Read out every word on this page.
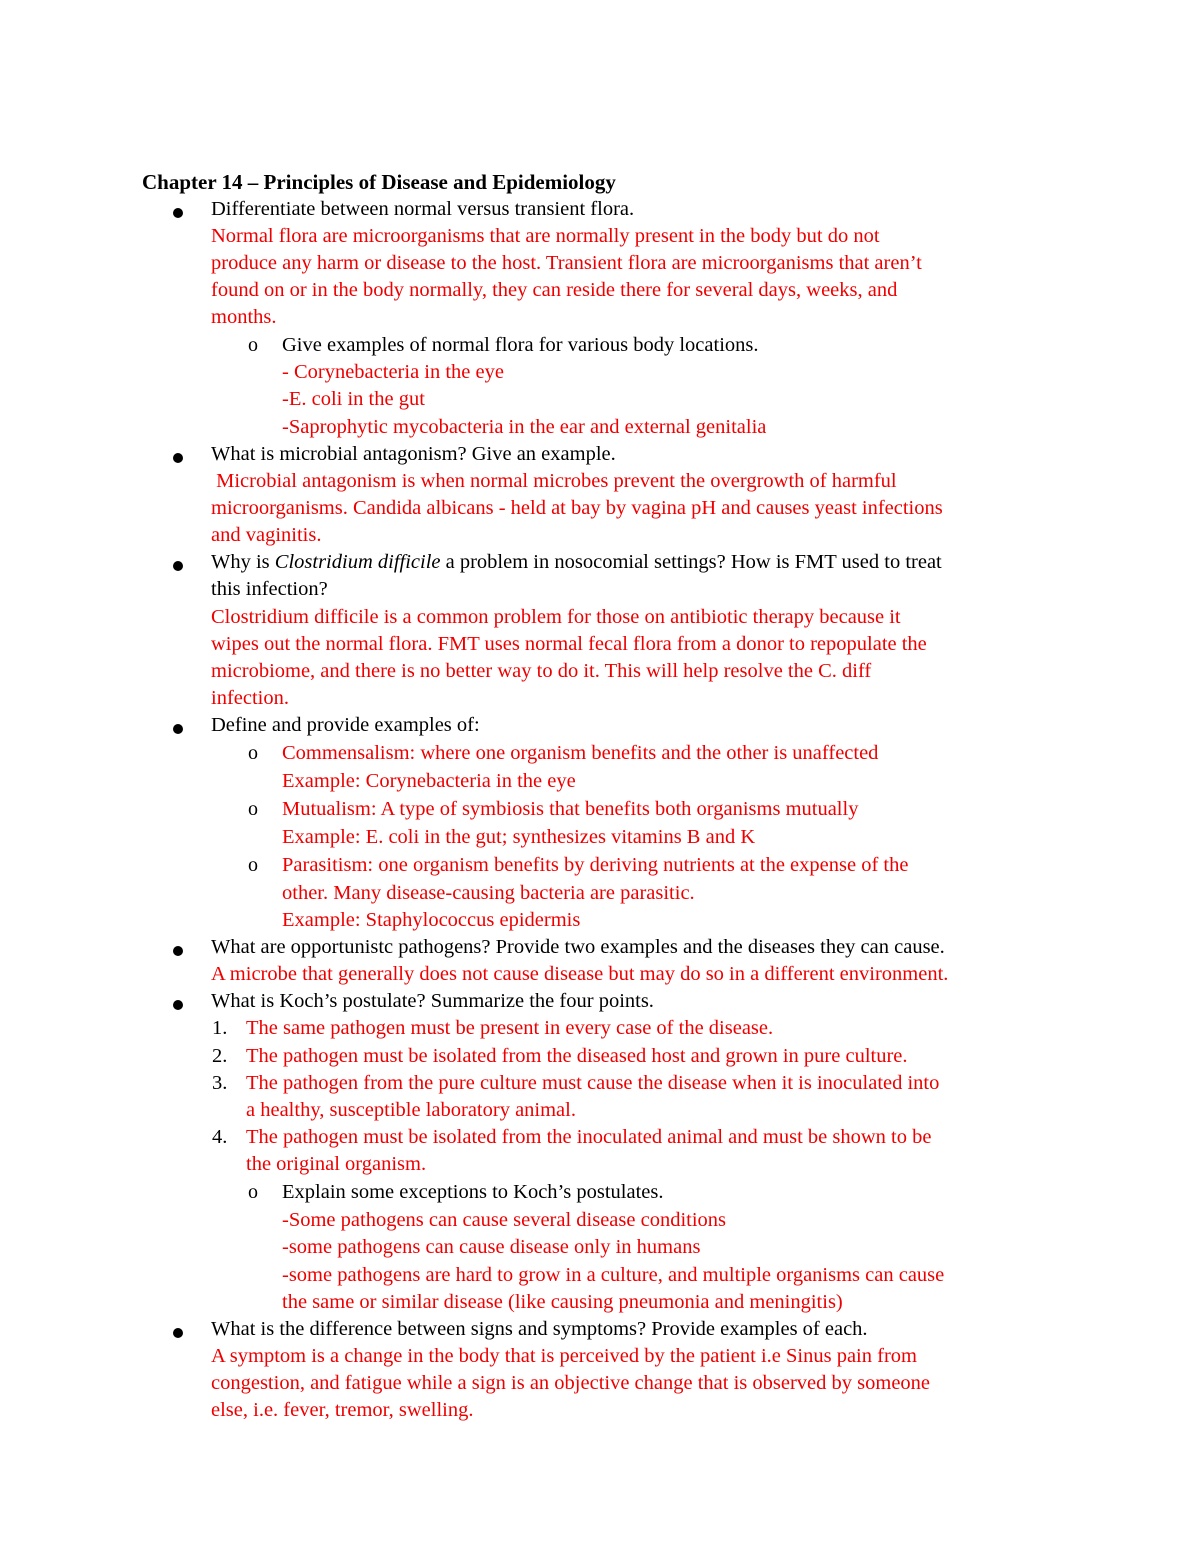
Chapter 14 – Principles of Disease and Epidemiology
Differentiate between normal versus transient flora.
Normal flora are microorganisms that are normally present in the body but do not
produce any harm or disease to the host. Transient flora are microorganisms that aren’t
found on or in the body normally, they can reside there for several days, weeks, and
months.
o Give examples of normal flora for various body locations.
- Corynebacteria in the eye
-E. coli in the gut
-Saprophytic mycobacteria in the ear and external genitalia
What is microbial antagonism? Give an example.
Microbial antagonism is when normal microbes prevent the overgrowth of harmful
microorganisms. Candida albicans - held at bay by vagina pH and causes yeast infections
and vaginitis.
Why is Clostridium difficile a problem in nosocomial settings? How is FMT used to treat
this infection?
Clostridium difficile is a common problem for those on antibiotic therapy because it
wipes out the normal flora. FMT uses normal fecal flora from a donor to repopulate the
microbiome, and there is no better way to do it. This will help resolve the C. diff
infection.
Define and provide examples of:
o Commensalism: where one organism benefits and the other is unaffected
Example: Corynebacteria in the eye
o Mutualism: A type of symbiosis that benefits both organisms mutually
Example: E. coli in the gut; synthesizes vitamins B and K
o Parasitism: one organism benefits by deriving nutrients at the expense of the
other. Many disease-causing bacteria are parasitic.
Example: Staphylococcus epidermis
What are opportunistc pathogens? Provide two examples and the diseases they can cause.
A microbe that generally does not cause disease but may do so in a different environment.
What is Koch’s postulate? Summarize the four points.
1. The same pathogen must be present in every case of the disease.
2. The pathogen must be isolated from the diseased host and grown in pure culture.
3. The pathogen from the pure culture must cause the disease when it is inoculated into
a healthy, susceptible laboratory animal.
4. The pathogen must be isolated from the inoculated animal and must be shown to be
the original organism.
o Explain some exceptions to Koch’s postulates.
-Some pathogens can cause several disease conditions
-some pathogens can cause disease only in humans
-some pathogens are hard to grow in a culture, and multiple organisms can cause
the same or similar disease (like causing pneumonia and meningitis)
What is the difference between signs and symptoms? Provide examples of each.
A symptom is a change in the body that is perceived by the patient i.e Sinus pain from
congestion, and fatigue while a sign is an objective change that is observed by someone
else, i.e. fever, tremor, swelling.
